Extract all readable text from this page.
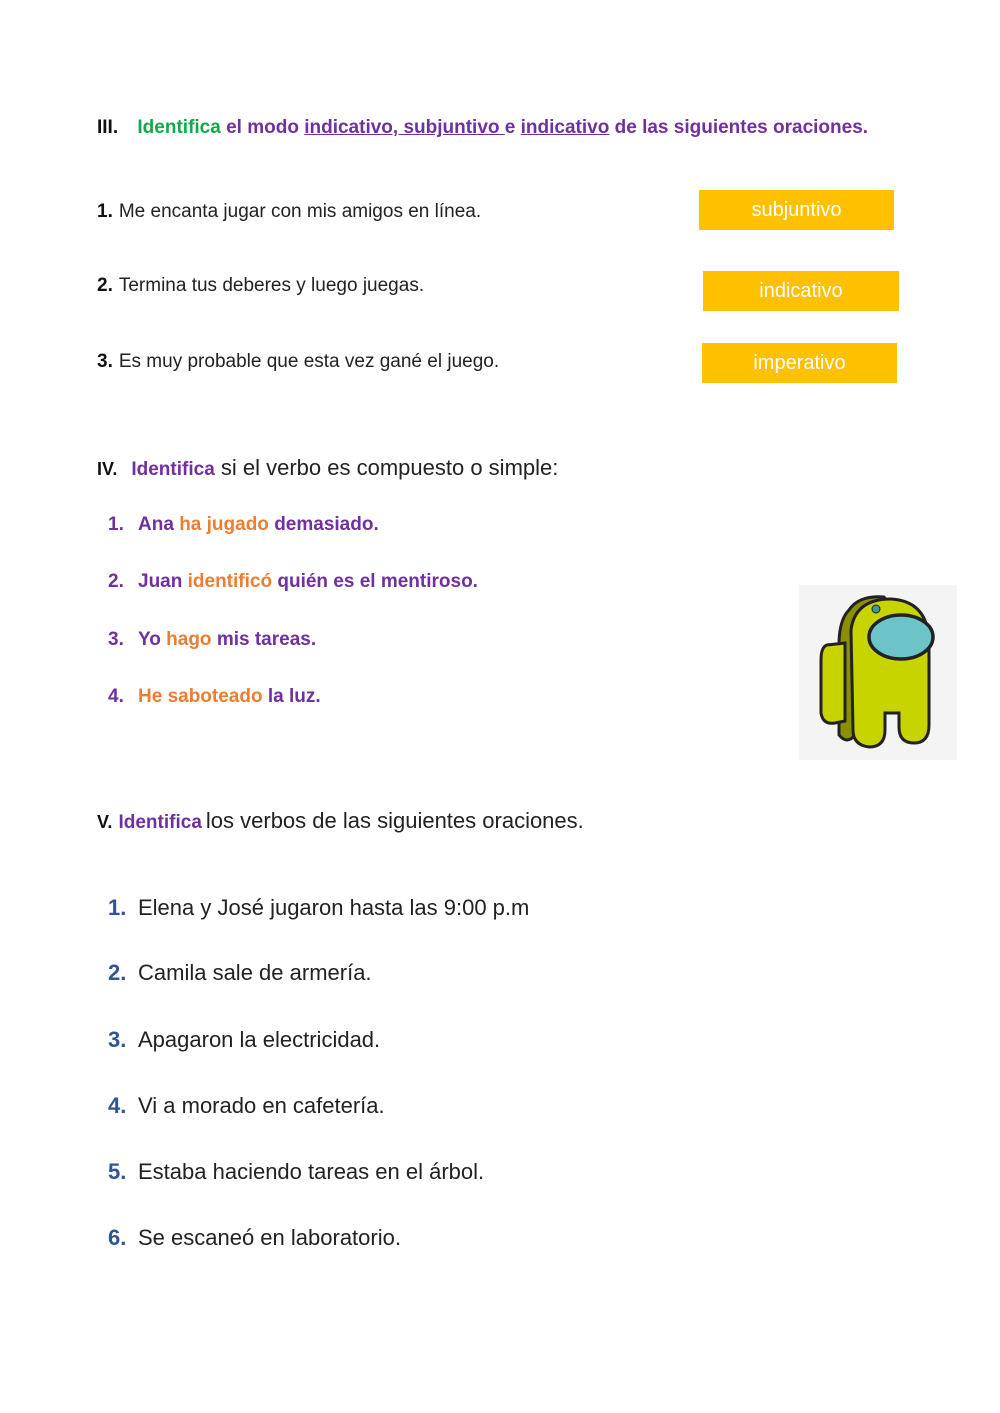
III. Identifica el modo indicativo, subjuntivo e indicativo de las siguientes oraciones.
1. Me encanta jugar con mis amigos en línea.
2. Termina tus deberes y luego juegas.
3. Es muy probable que esta vez gané el juego.
subjuntivo
indicativo
imperativo
IV. Identifica si el verbo es compuesto o simple:
1. Ana ha jugado demasiado.
2. Juan identificó quién es el mentiroso.
3. Yo hago mis tareas.
4. He saboteado la luz.
V. Identifica los verbos de las siguientes oraciones.
1. Elena y José jugaron hasta las 9:00 p.m
2. Camila sale de armería.
3. Apagaron la electricidad.
4. Vi a morado en cafetería.
5. Estaba haciendo tareas en el árbol.
6. Se escaneó en laboratorio.
